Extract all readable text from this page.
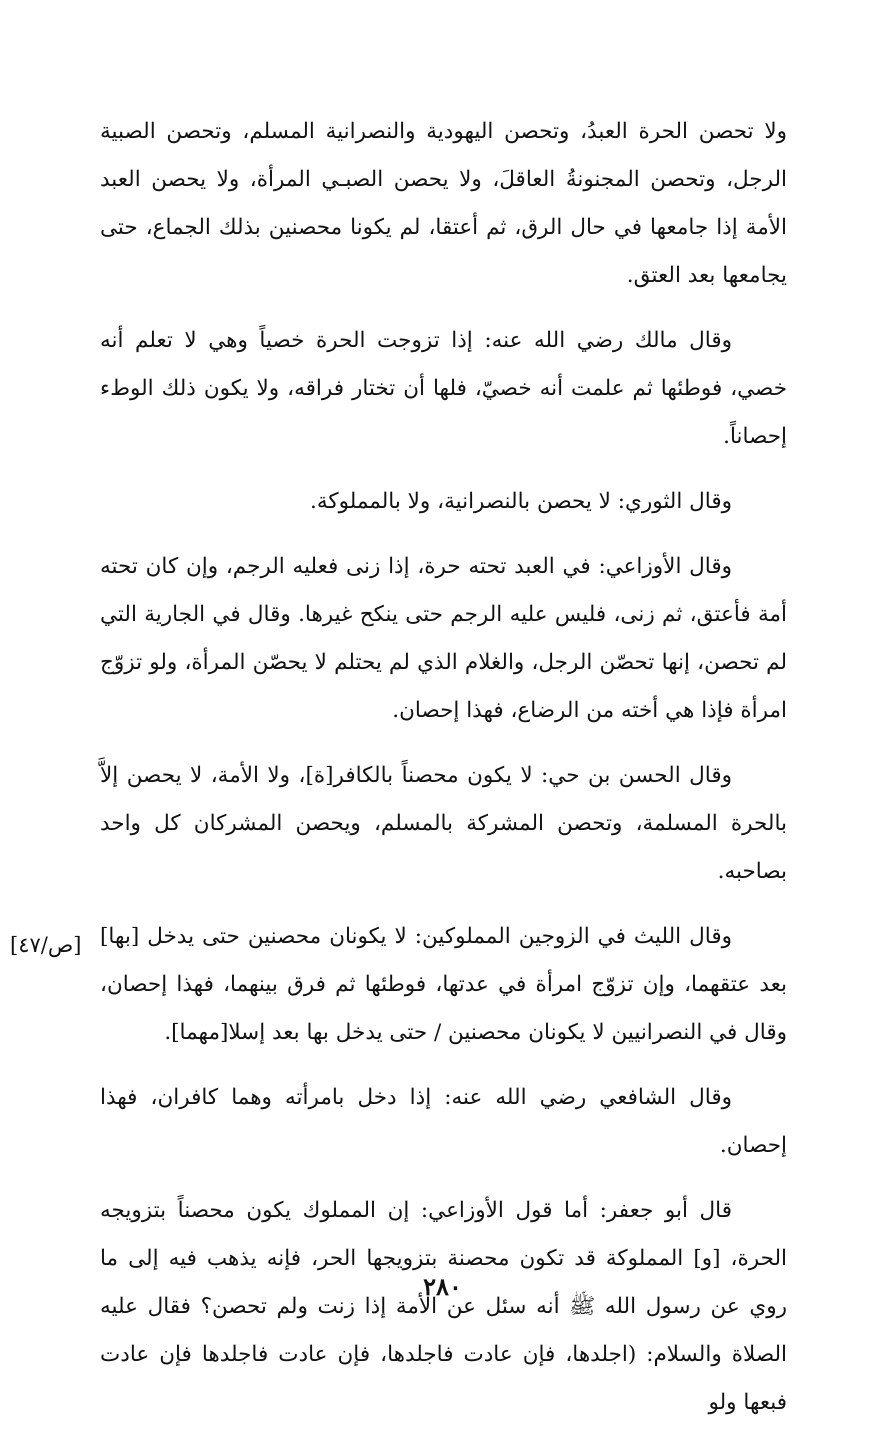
ولا تحصن الحرة العبدُ، وتحصن اليهودية والنصرانية المسلم، وتحصن الصبية الرجل، وتحصن المجنونةُ العاقلَ، ولا يحصن الصبـي المرأة، ولا يحصن العبد الأمة إذا جامعها في حال الرق، ثم أعتقا، لم يكونا محصنين بذلك الجماع، حتى يجامعها بعد العتق.

وقال مالك رضي الله عنه: إذا تزوجت الحرة خصياً وهي لا تعلم أنه خصي، فوطئها ثم علمت أنه خصيّ، فلها أن تختار فراقه، ولا يكون ذلك الوطء إحصاناً.

وقال الثوري: لا يحصن بالنصرانية، ولا بالمملوكة.

وقال الأوزاعي: في العبد تحته حرة، إذا زنى فعليه الرجم، وإن كان تحته أمة فأعتق، ثم زنى، فليس عليه الرجم حتى ينكح غيرها. وقال في الجارية التي لم تحصن، إنها تحصّن الرجل، والغلام الذي لم يحتلم لا يحصّن المرأة، ولو تزوّج امرأة فإذا هي أخته من الرضاع، فهذا إحصان.

وقال الحسن بن حي: لا يكون محصناً بالكافر[ة]، ولا الأمة، لا يحصن إلاَّ بالحرة المسلمة، وتحصن المشركة بالمسلم، ويحصن المشركان كل واحد بصاحبه.

وقال الليث في الزوجين المملوكين: لا يكونان محصنين حتى يدخل [بها] بعد عتقهما، وإن تزوّج امرأة في عدتها، فوطئها ثم فرق بينهما، فهذا إحصان، وقال في النصرانيين لا يكونان محصنين / حتى يدخل بها بعد إسلا[مهما].

وقال الشافعي رضي الله عنه: إذا دخل بامرأته وهما كافران، فهذا إحصان.

قال أبو جعفر: أما قول الأوزاعي: إن المملوك يكون محصناً بتزويجه الحرة، [و] المملوكة قد تكون محصنة بتزويجها الحر، فإنه يذهب فيه إلى ما روي عن رسول الله ﷺ أنه سئل عن الأمة إذا زنت ولم تحصن؟ فقال عليه الصلاة والسلام: (اجلدها، فإن عادت فاجلدها، فإن عادت فاجلدها فإن عادت فبعها ولو

[ص/٤٧]
٢٨٠
